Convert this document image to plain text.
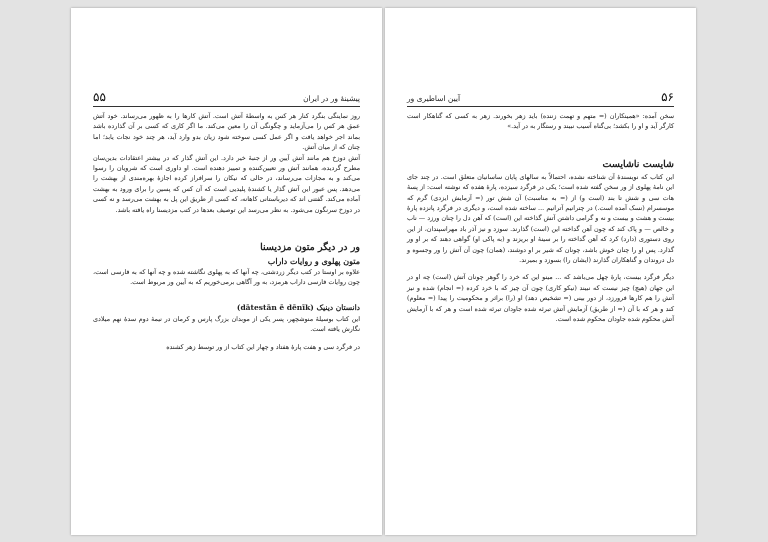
۵۵	پیشینهٔ ور در ایران

روز نماینگی بنگرد کنار هر کس به واسطهٔ آتش است. آتش کارها را به ظهور می‌رساند. خود آتش عمق هر کس را می‌آزماید و چگونگی آن را معین می‌کند. ما اگر کاری که کسی بر آن گذارده باشد بماند اجر خواهد یافت و اگر عمل کسی سوخته شود زیان بدو وارد آید، هر چند خود نجات یابد؛ اما چنان که از میان آتش.

آتش دوزخ هم مانند آتش آیین ور از جنبهٔ خیر دارد. این آتش گذار که در بیشتر اعتقادات بدین‌سان مطرح گردیده، همانند آتش ور تعیین‌کننده و تمییز دهنده است. او داوری است که شرویان را رسوا می‌کند و به مجازات می‌رساند، در حالی که نیکان را سرافراز کرده اجازهٔ بهره‌مندی از بهشت را می‌دهد. پس عبور این آتش گذار یا کشندهٔ پلیدیی است که آن کس که پسین را برای ورود به بهشت آماده می‌کند. گفتنی اند که دیرباستانی کاهانه، که کسی از طریق این پل به بهشت می‌رسد و نه کسی در دوزخ سرنگون می‌شود. به نظر می‌رسد این توصیف بعدها در کتب مزدیسنا راه یافته باشد.

ور در دیگر متون مزدیسنا
متون پهلوی و روایات داراب

علاوه بر اوستا در کتب دیگر زردشتی، چه آنها که به پهلوی نگاشته شده و چه آنها که به فارسی است، چون روایات فارسی داراب هرمزد، به ور آگاهی برمی‌خوریم که به آیین ور مربوط است.

دانستان دینیک (dātestān ē dēnīk)

این کتاب بوسیلهٔ منوشچهر، پسر یکی از موبدان بزرگ پارس و کرمان در نیمهٔ دوم سدهٔ نهم میلادی نگارش یافته است.

در فرگرد سی و هفت پارهٔ هفتاد و چهار این کتاب از ور توسط زهر کشنده

۵۶
آیین اساطیری ور

سخن آمده: «همینکاران (= متهم و تهمت زننده) باید زهر بخورند. زهر به کسی که گناهکار است کارگر آید و او را بکشد؛ بی‌گناه آسیب نبیند و رستگار به در آید.»

شایست ناشایست

این کتاب که نویسندهٔ آن شناخته نشده، احتمالاً به سالهای پایان ساسانیان متعلق است. در چند جای این نامهٔ پهلوی از ور سخن گفته شده است؛ یکی در فرگرد سیزده، پارهٔ هفده که نوشته است: از پسهٔ هات سی و شش تا بند (است و) از (= به مناسبت) آن شش تور (= آزمایش ایزدی) گرم که موسسرام (نسک آمده است.) در چترانیم آترانیم ... ساخته شده است، و دیگری در فرگرد پانزده پارهٔ بیست و هشت و بیست و نه و گرامی داشتن آتش گذاخته این (است) که آهن دل را چنان ورزد — ناب و خالص — و پاک کند که چون آهن گداخته این (است) گذارند. سوزد و نیز آذر باد مهراسپندان، از این روی دستوری (دارد) کرد که آهن گداخته را بر سینهٔ او بریزند و (به پاکی او) گواهی دهند که بر او ور گذارد. پس او را چنان خوش باشد، چونان که شیر بر او دوشند، (همان) چون آن آتش را ور وجسوه و دل دروندان و گناهکاران گذارند (ایشان را) بسوزد و بمیرند.

دیگر فرگرد بیست، پارهٔ چهل می‌باشد که ... مینو این که خرد را گوهر چونان آتش (است) چه او در این جهان (هیچ) چیز نیست که نبیند (نیکو کاری) چون آن چیز که با خرد کرده (= انجام) شده و نیز آتش را هم کارها فرورزد، از دور بینی (= تشخیص دهد) او (را) براثر و محکومیت را پیدا (= معلوم) کند و هر که با آن (= از طریق) آزمایش آتش تبرئه شده جاودان تبرئه شده است و هر که با آزمایش آتش محکوم شده جاودان محکوم شده است.
